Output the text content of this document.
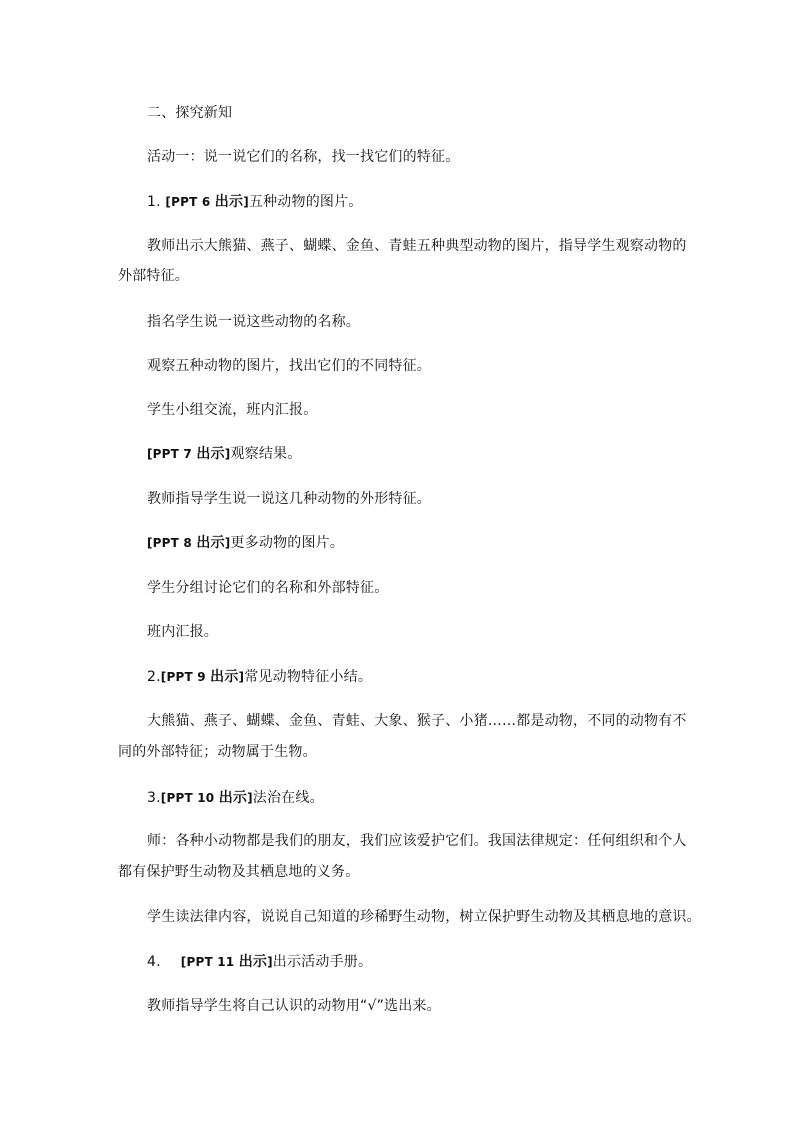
二、探究新知
活动一：说一说它们的名称，找一找它们的特征。
1. [PPT 6 出示]五种动物的图片。
教师出示大熊猫、燕子、蝴蝶、金鱼、青蛙五种典型动物的图片，指导学生观察动物的
外部特征。
指名学生说一说这些动物的名称。
观察五种动物的图片，找出它们的不同特征。
学生小组交流，班内汇报。
[PPT 7 出示]观察结果。
教师指导学生说一说这几种动物的外形特征。
[PPT 8 出示]更多动物的图片。
学生分组讨论它们的名称和外部特征。
班内汇报。
2.[PPT 9 出示]常见动物特征小结。
大熊猫、燕子、蝴蝶、金鱼、青蛙、大象、猴子、小猪……都是动物，不同的动物有不
同的外部特征；动物属于生物。
3.[PPT 10 出示]法治在线。
师：各种小动物都是我们的朋友，我们应该爱护它们。我国法律规定：任何组织和个人
都有保护野生动物及其栖息地的义务。
学生读法律内容，说说自己知道的珍稀野生动物，树立保护野生动物及其栖息地的意识。
4. [PPT 11 出示]出示活动手册。
教师指导学生将自己认识的动物用“√”选出来。
